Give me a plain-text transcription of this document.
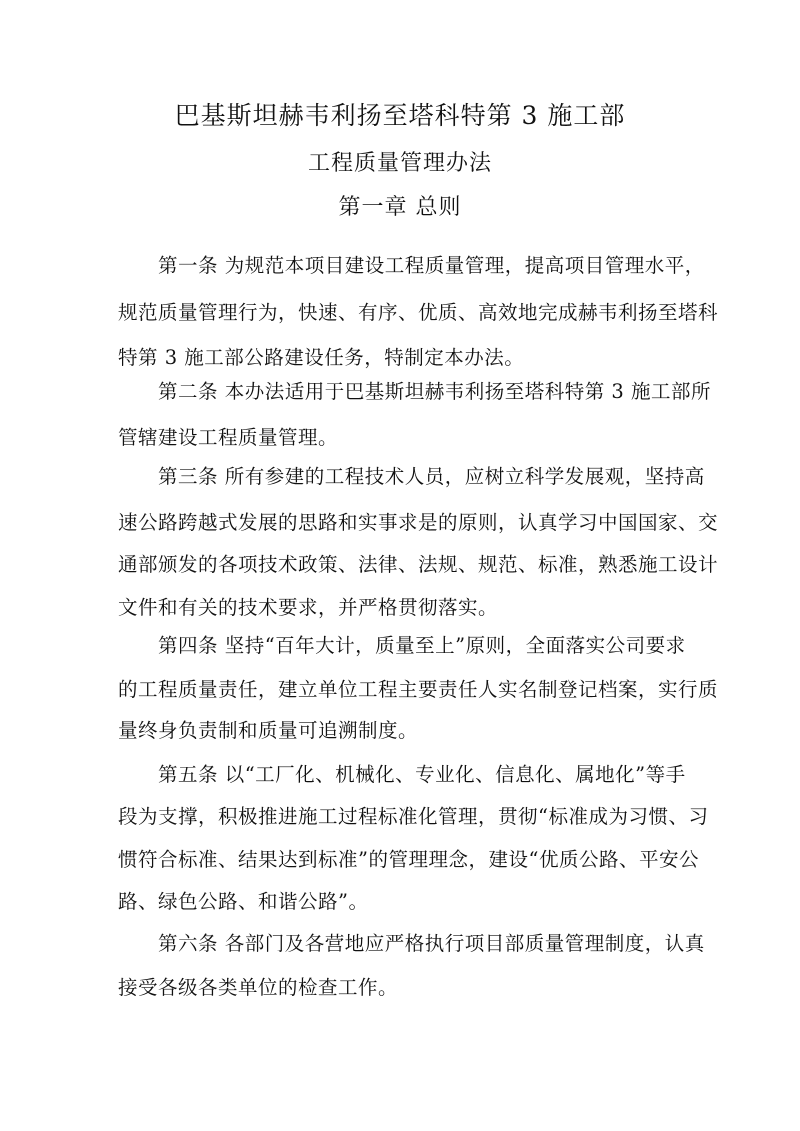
巴基斯坦赫韦利扬至塔科特第 3 施工部
工程质量管理办法
第一章 总则
第一条 为规范本项目建设工程质量管理，提高项目管理水平，
规范质量管理行为，快速、有序、优质、高效地完成赫韦利扬至塔科
特第 3 施工部公路建设任务，特制定本办法。
第二条 本办法适用于巴基斯坦赫韦利扬至塔科特第 3 施工部所
管辖建设工程质量管理。
第三条 所有参建的工程技术人员，应树立科学发展观，坚持高
速公路跨越式发展的思路和实事求是的原则，认真学习中国国家、交
通部颁发的各项技术政策、法律、法规、规范、标准，熟悉施工设计
文件和有关的技术要求，并严格贯彻落实。
第四条 坚持“百年大计，质量至上”原则，全面落实公司要求
的工程质量责任，建立单位工程主要责任人实名制登记档案，实行质
量终身负责制和质量可追溯制度。
第五条 以“工厂化、机械化、专业化、信息化、属地化”等手
段为支撑，积极推进施工过程标准化管理，贯彻“标准成为习惯、习
惯符合标准、结果达到标准”的管理理念，建设“优质公路、平安公
路、绿色公路、和谐公路”。
第六条 各部门及各营地应严格执行项目部质量管理制度，认真
接受各级各类单位的检查工作。
